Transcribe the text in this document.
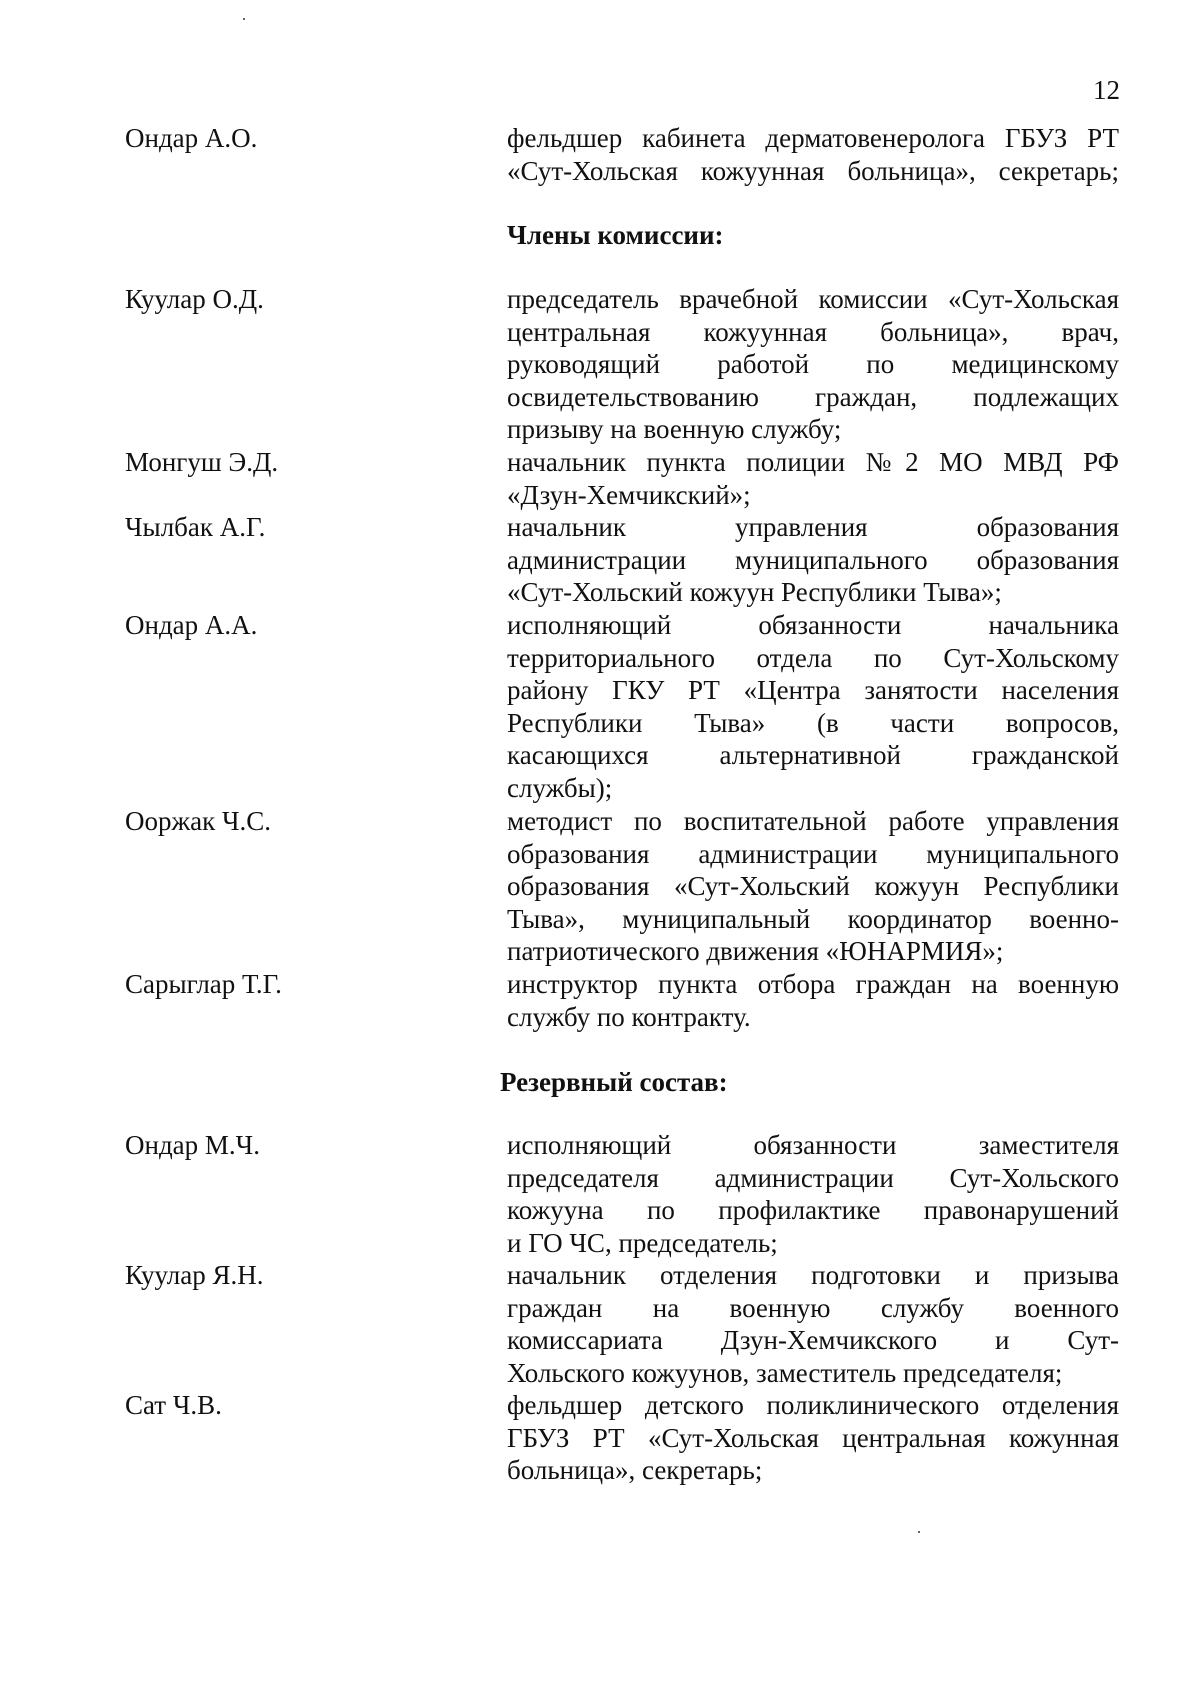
12
Ондар А.О.	фельдшер кабинета дерматовенеролога ГБУЗ РТ
«Сут-Хольская кожуунная больница», секретарь;
Члены комиссии:
Куулар О.Д.	председатель врачебной комиссии «Сут-Хольская
центральная кожуунная больница», врач,
руководящий работой по медицинскому
освидетельствованию граждан, подлежащих
призыву на военную службу;
Монгуш Э.Д.	начальник пункта полиции №2 МО МВД РФ
«Дзун-Хемчикский»;
Чылбак А.Г.	начальник управления образования
администрации муниципального образования
«Сут-Хольский кожуун Республики Тыва»;
Ондар А.А.	исполняющий обязанности начальника
территориального отдела по Сут-Хольскому
району ГКУ РТ «Центра занятости населения
Республики Тыва» (в части вопросов,
касающихся альтернативной гражданской
службы);
Ооржак Ч.С.	методист по воспитательной работе управления
образования администрации муниципального
образования «Сут-Хольский кожуун Республики
Тыва», муниципальный координатор военно-
патриотического движения «ЮНАРМИЯ»;
Сарыглар Т.Г.	инструктор пункта отбора граждан на военную
службу по контракту.
Резервный состав:
Ондар М.Ч.	исполняющий обязанности заместителя
председателя администрации Сут-Хольского
кожууна по профилактике правонарушений
и ГО ЧС, председатель;
Куулар Я.Н.	начальник отделения подготовки и призыва
граждан на военную службу военного
комиссариата Дзун-Хемчикского и Сут-
Хольского кожуунов, заместитель председателя;
Сат Ч.В.	фельдшер детского поликлинического отделения
ГБУЗ РТ «Сут-Хольская центральная кожунная
больница», секретарь;
